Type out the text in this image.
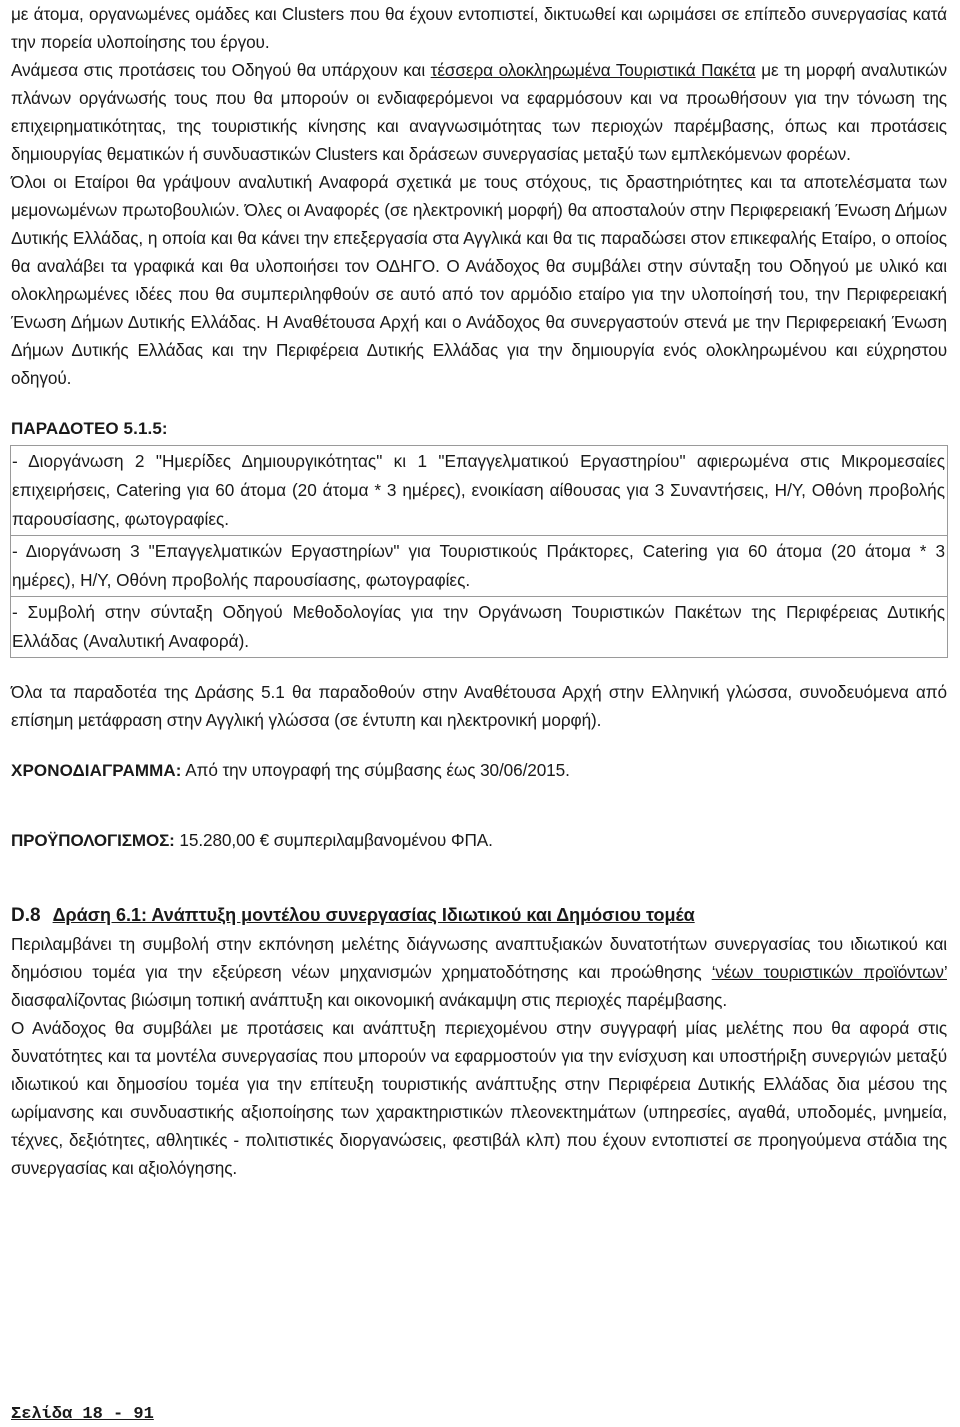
με άτομα, οργανωμένες ομάδες και Clusters που θα έχουν εντοπιστεί, δικτυωθεί και ωριμάσει σε επίπεδο συνεργασίας κατά την πορεία υλοποίησης του έργου.

Ανάμεσα στις προτάσεις του Οδηγού θα υπάρχουν και τέσσερα ολοκληρωμένα Τουριστικά Πακέτα με τη μορφή αναλυτικών πλάνων οργάνωσής τους που θα μπορούν οι ενδιαφερόμενοι να εφαρμόσουν και να προωθήσουν για την τόνωση της επιχειρηματικότητας, της τουριστικής κίνησης και αναγνωσιμότητας των περιοχών παρέμβασης, όπως και προτάσεις δημιουργίας θεματικών ή συνδυαστικών Clusters και δράσεων συνεργασίας μεταξύ των εμπλεκόμενων φορέων.

Όλοι οι Εταίροι θα γράψουν αναλυτική Αναφορά σχετικά με τους στόχους, τις δραστηριότητες και τα αποτελέσματα των μεμονωμένων πρωτοβουλιών. Όλες οι Αναφορές (σε ηλεκτρονική μορφή) θα αποσταλούν στην Περιφερειακή Ένωση Δήμων Δυτικής Ελλάδας, η οποία και θα κάνει την επεξεργασία στα Αγγλικά και θα τις παραδώσει στον επικεφαλής Εταίρο, ο οποίος θα αναλάβει τα γραφικά και θα υλοποιήσει τον ΟΔΗΓΟ. Ο Ανάδοχος θα συμβάλει στην σύνταξη του Οδηγού με υλικό και ολοκληρωμένες ιδέες που θα συμπεριληφθούν σε αυτό από τον αρμόδιο εταίρο για την υλοποίησή του, την Περιφερειακή Ένωση Δήμων Δυτικής Ελλάδας. Η Αναθέτουσα Αρχή και ο Ανάδοχος θα συνεργαστούν στενά με την Περιφερειακή Ένωση Δήμων Δυτικής Ελλάδας και την Περιφέρεια Δυτικής Ελλάδας για την δημιουργία ενός ολοκληρωμένου και εύχρηστου οδηγού.

ΠΑΡΑΔΟΤΕΟ 5.1.5:

- Διοργάνωση 2 "Ημερίδες Δημιουργικότητας" κι 1 "Επαγγελματικού Εργαστηρίου" αφιερωμένα στις Μικρομεσαίες επιχειρήσεις, Catering για 60 άτομα (20 άτομα * 3 ημέρες), ενοικίαση αίθουσας για 3 Συναντήσεις, Η/Υ, Οθόνη προβολής παρουσίασης, φωτογραφίες.
- Διοργάνωση 3 "Επαγγελματικών Εργαστηρίων" για Τουριστικούς Πράκτορες, Catering για 60 άτομα (20 άτομα * 3 ημέρες), Η/Υ, Οθόνη προβολής παρουσίασης, φωτογραφίες.
- Συμβολή στην σύνταξη Οδηγού Μεθοδολογίας για την Οργάνωση Τουριστικών Πακέτων της Περιφέρειας Δυτικής Ελλάδας (Αναλυτική Αναφορά).

Όλα τα παραδοτέα της Δράσης 5.1 θα παραδοθούν στην Αναθέτουσα Αρχή στην Ελληνική γλώσσα, συνοδευόμενα από επίσημη μετάφραση στην Αγγλική γλώσσα (σε έντυπη και ηλεκτρονική μορφή).

ΧΡΟΝΟΔΙΑΓΡΑΜΜΑ: Από την υπογραφή της σύμβασης έως 30/06/2015.

ΠΡΟΫΠΟΛΟΓΙΣΜΟΣ: 15.280,00 € συμπεριλαμβανομένου ΦΠΑ.

D.8 Δράση 6.1: Ανάπτυξη μοντέλου συνεργασίας Ιδιωτικού και Δημόσιου τομέα

Περιλαμβάνει τη συμβολή στην εκπόνηση μελέτης διάγνωσης αναπτυξιακών δυνατοτήτων συνεργασίας του ιδιωτικού και δημόσιου τομέα για την εξεύρεση νέων μηχανισμών χρηματοδότησης και προώθησης ‘νέων τουριστικών προϊόντων’ διασφαλίζοντας βιώσιμη τοπική ανάπτυξη και οικονομική ανάκαμψη στις περιοχές παρέμβασης.

Ο Ανάδοχος θα συμβάλει με προτάσεις και ανάπτυξη περιεχομένου στην συγγραφή μίας μελέτης που θα αφορά στις δυνατότητες και τα μοντέλα συνεργασίας που μπορούν να εφαρμοστούν για την ενίσχυση και υποστήριξη συνεργιών μεταξύ ιδιωτικού και δημοσίου τομέα για την επίτευξη τουριστικής ανάπτυξης στην Περιφέρεια Δυτικής Ελλάδας δια μέσου της ωρίμανσης και συνδυαστικής αξιοποίησης των χαρακτηριστικών πλεονεκτημάτων (υπηρεσίες, αγαθά, υποδομές, μνημεία, τέχνες, δεξιότητες, αθλητικές - πολιτιστικές διοργανώσεις, φεστιβάλ κλπ) που έχουν εντοπιστεί σε προηγούμενα στάδια της συνεργασίας και αξιολόγησης.

Σελίδα 18 - 91
